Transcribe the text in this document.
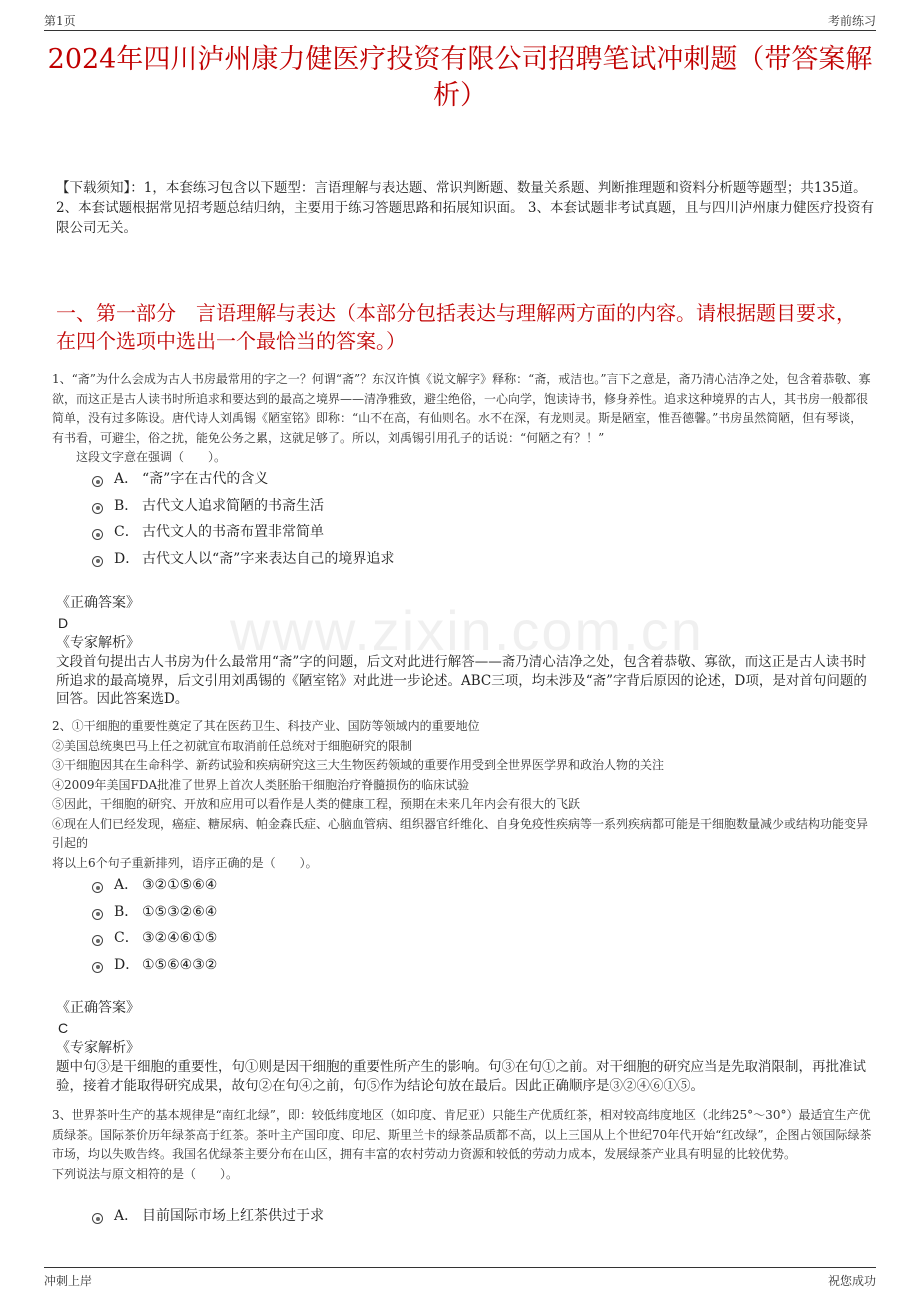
第1页	考前练习
2024年四川泸州康力健医疗投资有限公司招聘笔试冲刺题（带答案解析）
【下载须知】：1，本套练习包含以下题型：言语理解与表达题、常识判断题、数量关系题、判断推理题和资料分析题等题型；共135道。 2、本套试题根据常见招考题总结归纳，主要用于练习答题思路和拓展知识面。 3、本套试题非考试真题，且与四川泸州康力健医疗投资有限公司无关。
一、第一部分　言语理解与表达（本部分包括表达与理解两方面的内容。请根据题目要求，在四个选项中选出一个最恰当的答案。）
1、“斋”为什么会成为古人书房最常用的字之一？何谓“斋”？东汉许慎《说文解字》释称：“斋，戒洁也。”言下之意是，斋乃清心洁净之处，包含着恭敬、寡欲，而这正是古人读书时所追求和要达到的最高之境界——清净雅致，避尘绝俗，一心向学，饱读诗书，修身养性。追求这种境界的古人，其书房一般都很简单，没有过多陈设。唐代诗人刘禹锡《陋室铭》即称：“山不在高，有仙则名。水不在深，有龙则灵。斯是陋室，惟吾德馨。”书房虽然简陋，但有琴谈，有书看，可避尘，俗之扰，能免公务之累，这就足够了。所以，刘禹锡引用孔子的话说：“何陋之有？！”
这段文字意在强调（　　）。
A． “斋”字在古代的含义
B． 古代文人追求简陋的书斋生活
C． 古代文人的书斋布置非常简单
D． 古代文人以“斋”字来表达自己的境界追求
《正确答案》
D
《专家解析》
文段首句提出古人书房为什么最常用“斋”字的问题，后文对此进行解答——斋乃清心洁净之处，包含着恭敬、寡欲，而这正是古人读书时所追求的最高境界，后文引用刘禹锡的《陋室铭》对此进一步论述。ABC三项，均未涉及“斋”字背后原因的论述，D项，是对首句问题的回答。因此答案选D。
www.zixin.com.cn
2、①干细胞的重要性奠定了其在医药卫生、科技产业、国防等领域内的重要地位
②美国总统奥巴马上任之初就宣布取消前任总统对于细胞研究的限制
③干细胞因其在生命科学、新药试验和疾病研究这三大生物医药领域的重要作用受到全世界医学界和政治人物的关注
④2009年美国FDA批准了世界上首次人类胚胎干细胞治疗脊髓损伤的临床试验
⑤因此，干细胞的研究、开放和应用可以看作是人类的健康工程，预期在未来几年内会有很大的飞跃
⑥现在人们已经发现，癌症、糖尿病、帕金森氏症、心脑血管病、组织器官纤维化、自身免疫性疾病等一系列疾病都可能是干细胞数量减少或结构功能变异引起的
将以上6个句子重新排列，语序正确的是（　　）。
A． ③②①⑤⑥④
B． ①⑤③②⑥④
C． ③②④⑥①⑤
D． ①⑤⑥④③②
《正确答案》
C
《专家解析》
题中句③是干细胞的重要性，句①则是因干细胞的重要性所产生的影响。句③在句①之前。对干细胞的研究应当是先取消限制，再批准试验，接着才能取得研究成果，故句②在句④之前，句⑤作为结论句放在最后。因此正确顺序是③②④⑥①⑤。
3、世界茶叶生产的基本规律是“南红北绿”，即：较低纬度地区（如印度、肯尼亚）只能生产优质红茶，相对较高纬度地区（北纬25°～30°）最适宜生产优质绿茶。国际茶价历年绿茶高于红茶。茶叶主产国印度、印尼、斯里兰卡的绿茶品质都不高，以上三国从上个世纪70年代开始“红改绿”，企图占领国际绿茶市场，均以失败告终。我国名优绿茶主要分布在山区，拥有丰富的农村劳动力资源和较低的劳动力成本，发展绿茶产业具有明显的比较优势。
下列说法与原文相符的是（　　）。
A． 目前国际市场上红茶供过于求
冲刺上岸	祝您成功
